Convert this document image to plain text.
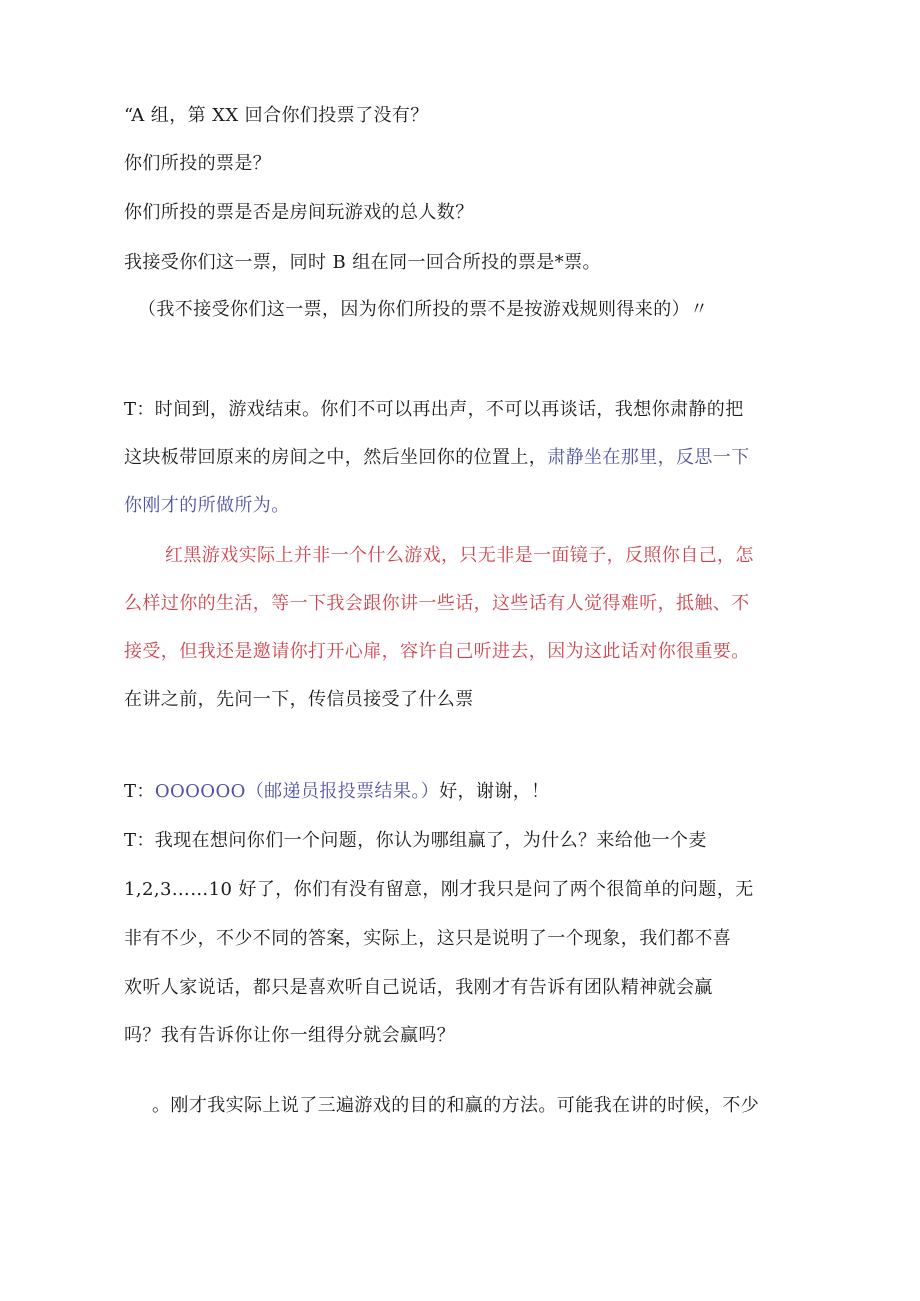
“A 组，第 XX 回合你们投票了没有？
你们所投的票是？
你们所投的票是否是房间玩游戏的总人数？
我接受你们这一票，同时 B 组在同一回合所投的票是*票。
（我不接受你们这一票，因为你们所投的票不是按游戏规则得来的）〃
T：时间到，游戏结束。你们不可以再出声，不可以再谈话，我想你肃静的把
这块板带回原来的房间之中，然后坐回你的位置上，肃静坐在那里，反思一下
你刚才的所做所为。
红黑游戏实际上并非一个什么游戏，只无非是一面镜子，反照你自己，怎
么样过你的生活，等一下我会跟你讲一些话，这些话有人觉得难听，抵触、不
接受，但我还是邀请你打开心扉，容许自己听进去，因为这此话对你很重要。
在讲之前，先问一下，传信员接受了什么票
T：OOOOOO（邮递员报投票结果。）好，谢谢，！
T：我现在想问你们一个问题，你认为哪组赢了，为什么？来给他一个麦
1,2,3……10 好了，你们有没有留意，刚才我只是问了两个很简单的问题，无
非有不少，不少不同的答案，实际上，这只是说明了一个现象，我们都不喜
欢听人家说话，都只是喜欢听自己说话，我刚才有告诉有团队精神就会赢
吗？我有告诉你让你一组得分就会赢吗？
。刚才我实际上说了三遍游戏的目的和赢的方法。可能我在讲的时候，不少
